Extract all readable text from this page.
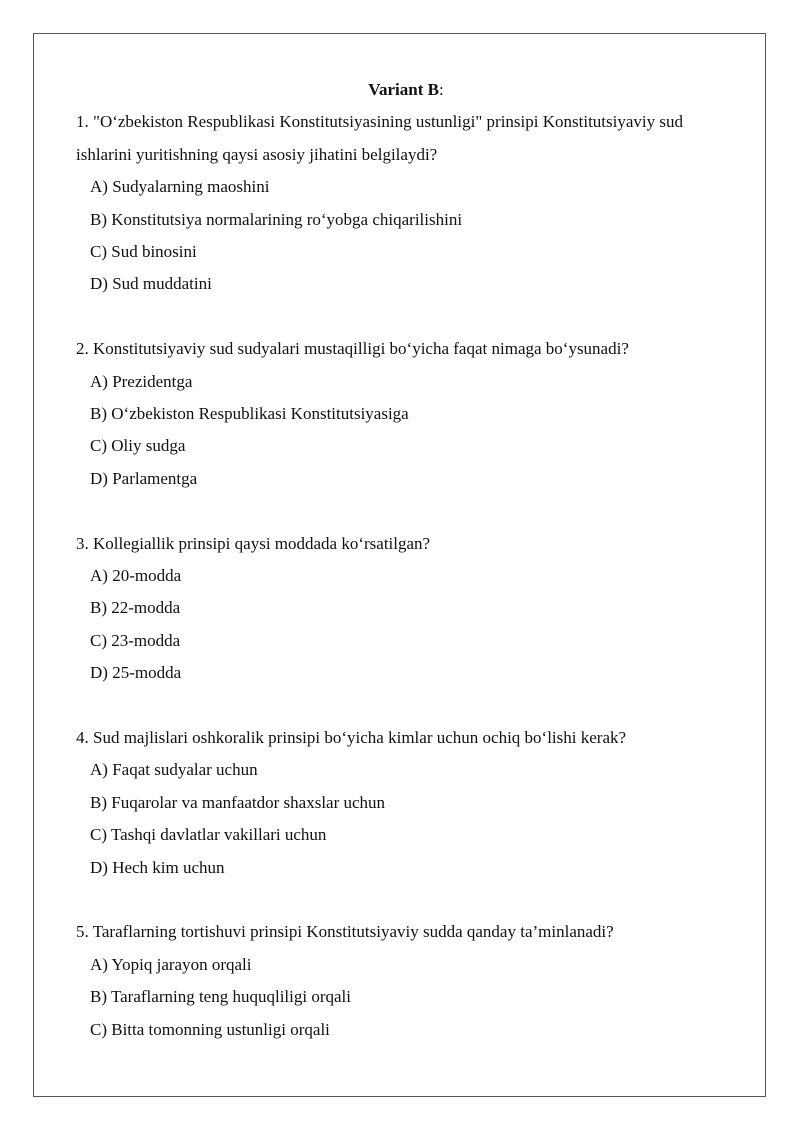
Variant B:

1. "O‘zbekiston Respublikasi Konstitutsiyasining ustunligi" prinsipi Konstitutsiyaviy sud ishlarini yuritishning qaysi asosiy jihatini belgilaydi?

A) Sudyalarning maoshini
B) Konstitutsiya normalarining ro‘yobga chiqarilishini
C) Sud binosini
D) Sud muddatini

2. Konstitutsiyaviy sud sudyalari mustaqilligi bo‘yicha faqat nimaga bo‘ysunadi?

A) Prezidentga
B) O‘zbekiston Respublikasi Konstitutsiyasiga
C) Oliy sudga
D) Parlamentga

3. Kollegiallik prinsipi qaysi moddada ko‘rsatilgan?

A) 20-modda
B) 22-modda
C) 23-modda
D) 25-modda

4. Sud majlislari oshkoralik prinsipi bo‘yicha kimlar uchun ochiq bo‘lishi kerak?

A) Faqat sudyalar uchun
B) Fuqarolar va manfaatdor shaxslar uchun
C) Tashqi davlatlar vakillari uchun
D) Hech kim uchun

5. Taraflarning tortishuvi prinsipi Konstitutsiyaviy sudda qanday ta’minlanadi?

A) Yopiq jarayon orqali
B) Taraflarning teng huquqliligi orqali
C) Bitta tomonning ustunligi orqali
